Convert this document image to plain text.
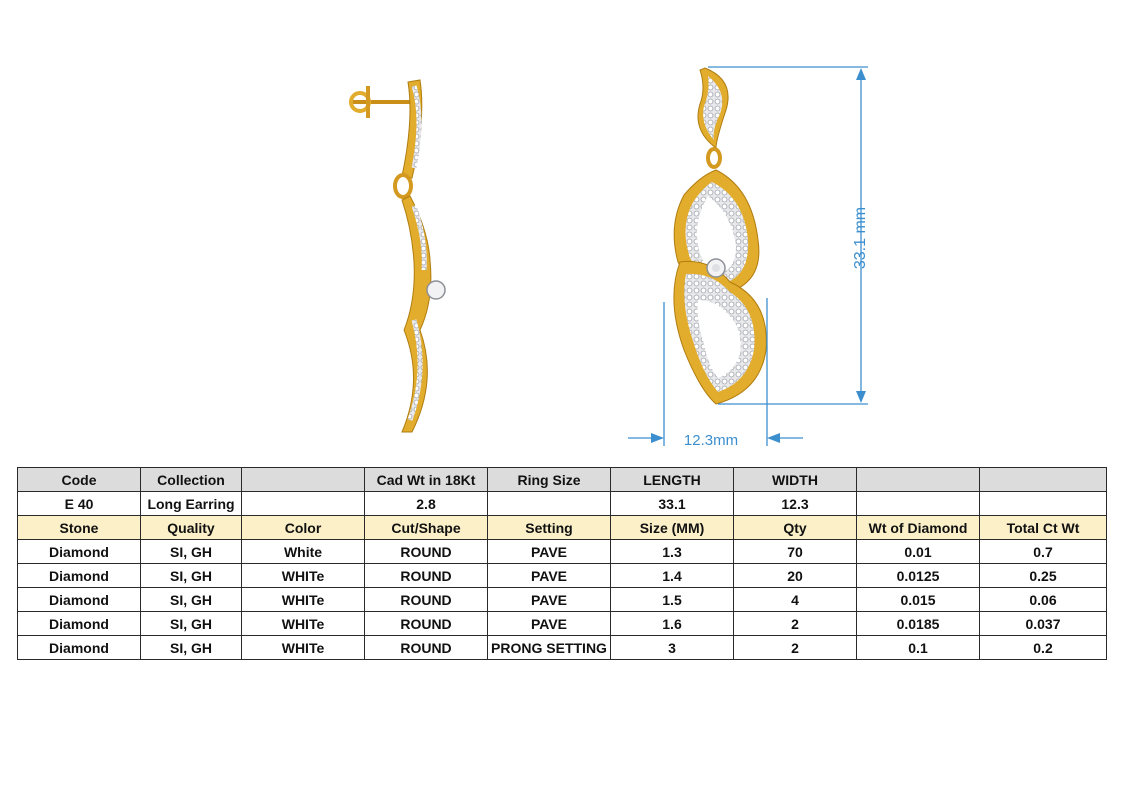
33.1 mm
12.3mm
Code	Collection		Cad Wt in 18Kt	Ring Size	LENGTH	WIDTH		
E 40	Long Earring		2.8		33.1	12.3		
Stone	Quality	Color	Cut/Shape	Setting	Size (MM)	Qty	Wt of Diamond	Total Ct Wt
Diamond	SI, GH	White	ROUND	PAVE	1.3	70	0.01	0.7
Diamond	SI, GH	WHITe	ROUND	PAVE	1.4	20	0.0125	0.25
Diamond	SI, GH	WHITe	ROUND	PAVE	1.5	4	0.015	0.06
Diamond	SI, GH	WHITe	ROUND	PAVE	1.6	2	0.0185	0.037
Diamond	SI, GH	WHITe	ROUND	PRONG SETTING	3	2	0.1	0.2
